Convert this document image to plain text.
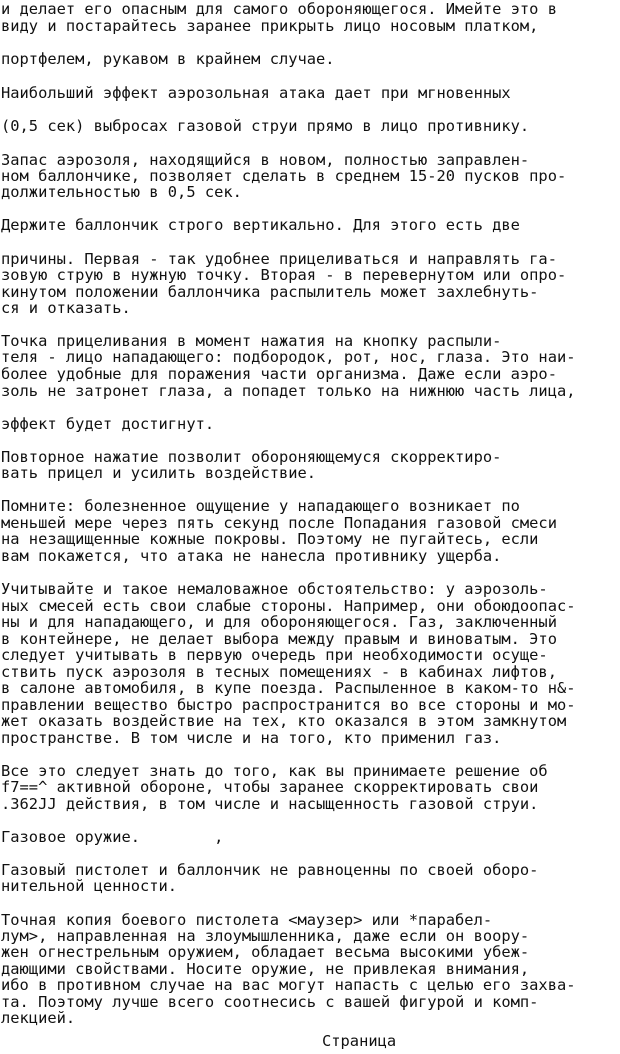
и делает его опасным для самого обороняющегося. Имейте это в
виду и постарайтесь заранее прикрыть лицо носовым платком,
портфелем, рукавом в крайнем случае.
Наибольший эффект аэрозольная атака дает при мгновенных
(0,5 сек) выбросах газовой струи прямо в лицо противнику.
Запас аэрозоля, находящийся в новом, полностью заправлен-
ном баллончике, позволяет сделать в среднем 15-20 пусков про-
должительностью в 0,5 сек.
Держите баллончик строго вертикально. Для этого есть две
причины. Первая - так удобнее прицеливаться и направлять га-
зовую струю в нужную точку. Вторая - в перевернутом или опро-
кинутом положении баллончика распылитель может захлебнуть-
ся и отказать.
Точка прицеливания в момент нажатия на кнопку распыли-
теля - лицо нападающего: подбородок, рот, нос, глаза. Это наи-
более удобные для поражения части организма. Даже если аэро-
золь не затронет глаза, а попадет только на нижнюю часть лица,
эффект будет достигнут.
Повторное нажатие позволит обороняющемуся скорректиро-
вать прицел и усилить воздействие.
Помните: болезненное ощущение у нападающего возникает по
меньшей мере через пять секунд после Попадания газовой смеси
на незащищенные кожные покровы. Поэтому не пугайтесь, если
вам покажется, что атака не нанесла противнику ущерба.
Учитывайте и такое немаловажное обстоятельство: у аэрозоль-
ных смесей есть свои слабые стороны. Например, они обоюдоопас-
ны и для нападающего, и для обороняющегося. Газ, заключенный
в контейнере, не делает выбора между правым и виноватым. Это
следует учитывать в первую очередь при необходимости осуще-
ствить пуск аэрозоля в тесных помещениях - в кабинах лифтов,
в салоне автомобиля, в купе поезда. Распыленное в каком-то н&-
правлении вещество быстро распространится во все стороны и мо-
жет оказать воздействие на тех, кто оказался в этом замкнутом
пространстве. В том числе и на того, кто применил газ.
Все это следует знать до того, как вы принимаете решение об
f7==^ активной обороне, чтобы заранее скорректировать свои
.362JJ действия, в том числе и насыщенность газовой струи.
Газовое оружие.        ,
Газовый пистолет и баллончик не равноценны по своей оборо-
нительной ценности.
Точная копия боевого пистолета <маузер> или *парабел-
лум>, направленная на злоумышленника, даже если он воору-
жен огнестрельным оружием, обладает весьма высокими убеж-
дающими свойствами. Носите оружие, не привлекая внимания,
ибо в противном случае на вас могут напасть с целью его захва-
та. Поэтому лучше всего соотнесись с вашей фигурой и комп-
лекцией.
Страница
